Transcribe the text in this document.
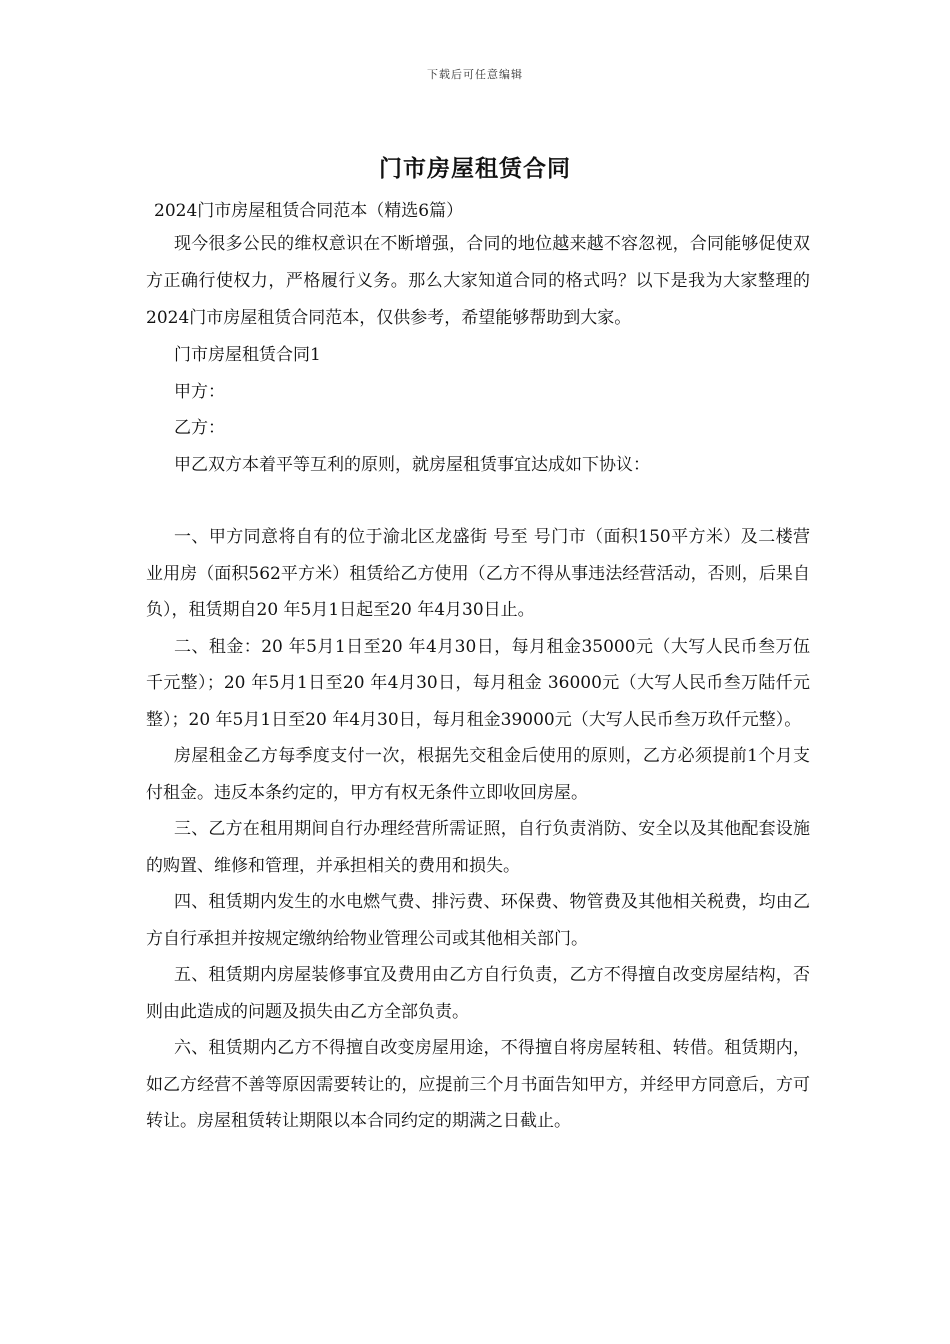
下载后可任意编辑
门市房屋租赁合同

2024门市房屋租赁合同范本（精选6篇）

现今很多公民的维权意识在不断增强，合同的地位越来越不容忽视，合同能够促使双方正确行使权力，严格履行义务。那么大家知道合同的格式吗？以下是我为大家整理的2024门市房屋租赁合同范本，仅供参考，希望能够帮助到大家。

门市房屋租赁合同1

甲方：

乙方：

甲乙双方本着平等互利的原则，就房屋租赁事宜达成如下协议：

一、甲方同意将自有的位于渝北区龙盛街 号至 号门市（面积150平方米）及二楼营业用房（面积562平方米）租赁给乙方使用（乙方不得从事违法经营活动，否则，后果自负），租赁期自20 年5月1日起至20 年4月30日止。

二、租金：20 年5月1日至20 年4月30日，每月租金35000元（大写人民币叁万伍千元整）；20 年5月1日至20 年4月30日，每月租金 36000元（大写人民币叁万陆仟元整）；20 年5月1日至20 年4月30日，每月租金39000元（大写人民币叁万玖仟元整）。

房屋租金乙方每季度支付一次，根据先交租金后使用的原则，乙方必须提前1个月支付租金。违反本条约定的，甲方有权无条件立即收回房屋。

三、乙方在租用期间自行办理经营所需证照，自行负责消防、安全以及其他配套设施的购置、维修和管理，并承担相关的费用和损失。

四、租赁期内发生的水电燃气费、排污费、环保费、物管费及其他相关税费，均由乙方自行承担并按规定缴纳给物业管理公司或其他相关部门。

五、租赁期内房屋装修事宜及费用由乙方自行负责，乙方不得擅自改变房屋结构，否则由此造成的问题及损失由乙方全部负责。

六、租赁期内乙方不得擅自改变房屋用途，不得擅自将房屋转租、转借。租赁期内，如乙方经营不善等原因需要转让的，应提前三个月书面告知甲方，并经甲方同意后，方可转让。房屋租赁转让期限以本合同约定的期满之日截止。
